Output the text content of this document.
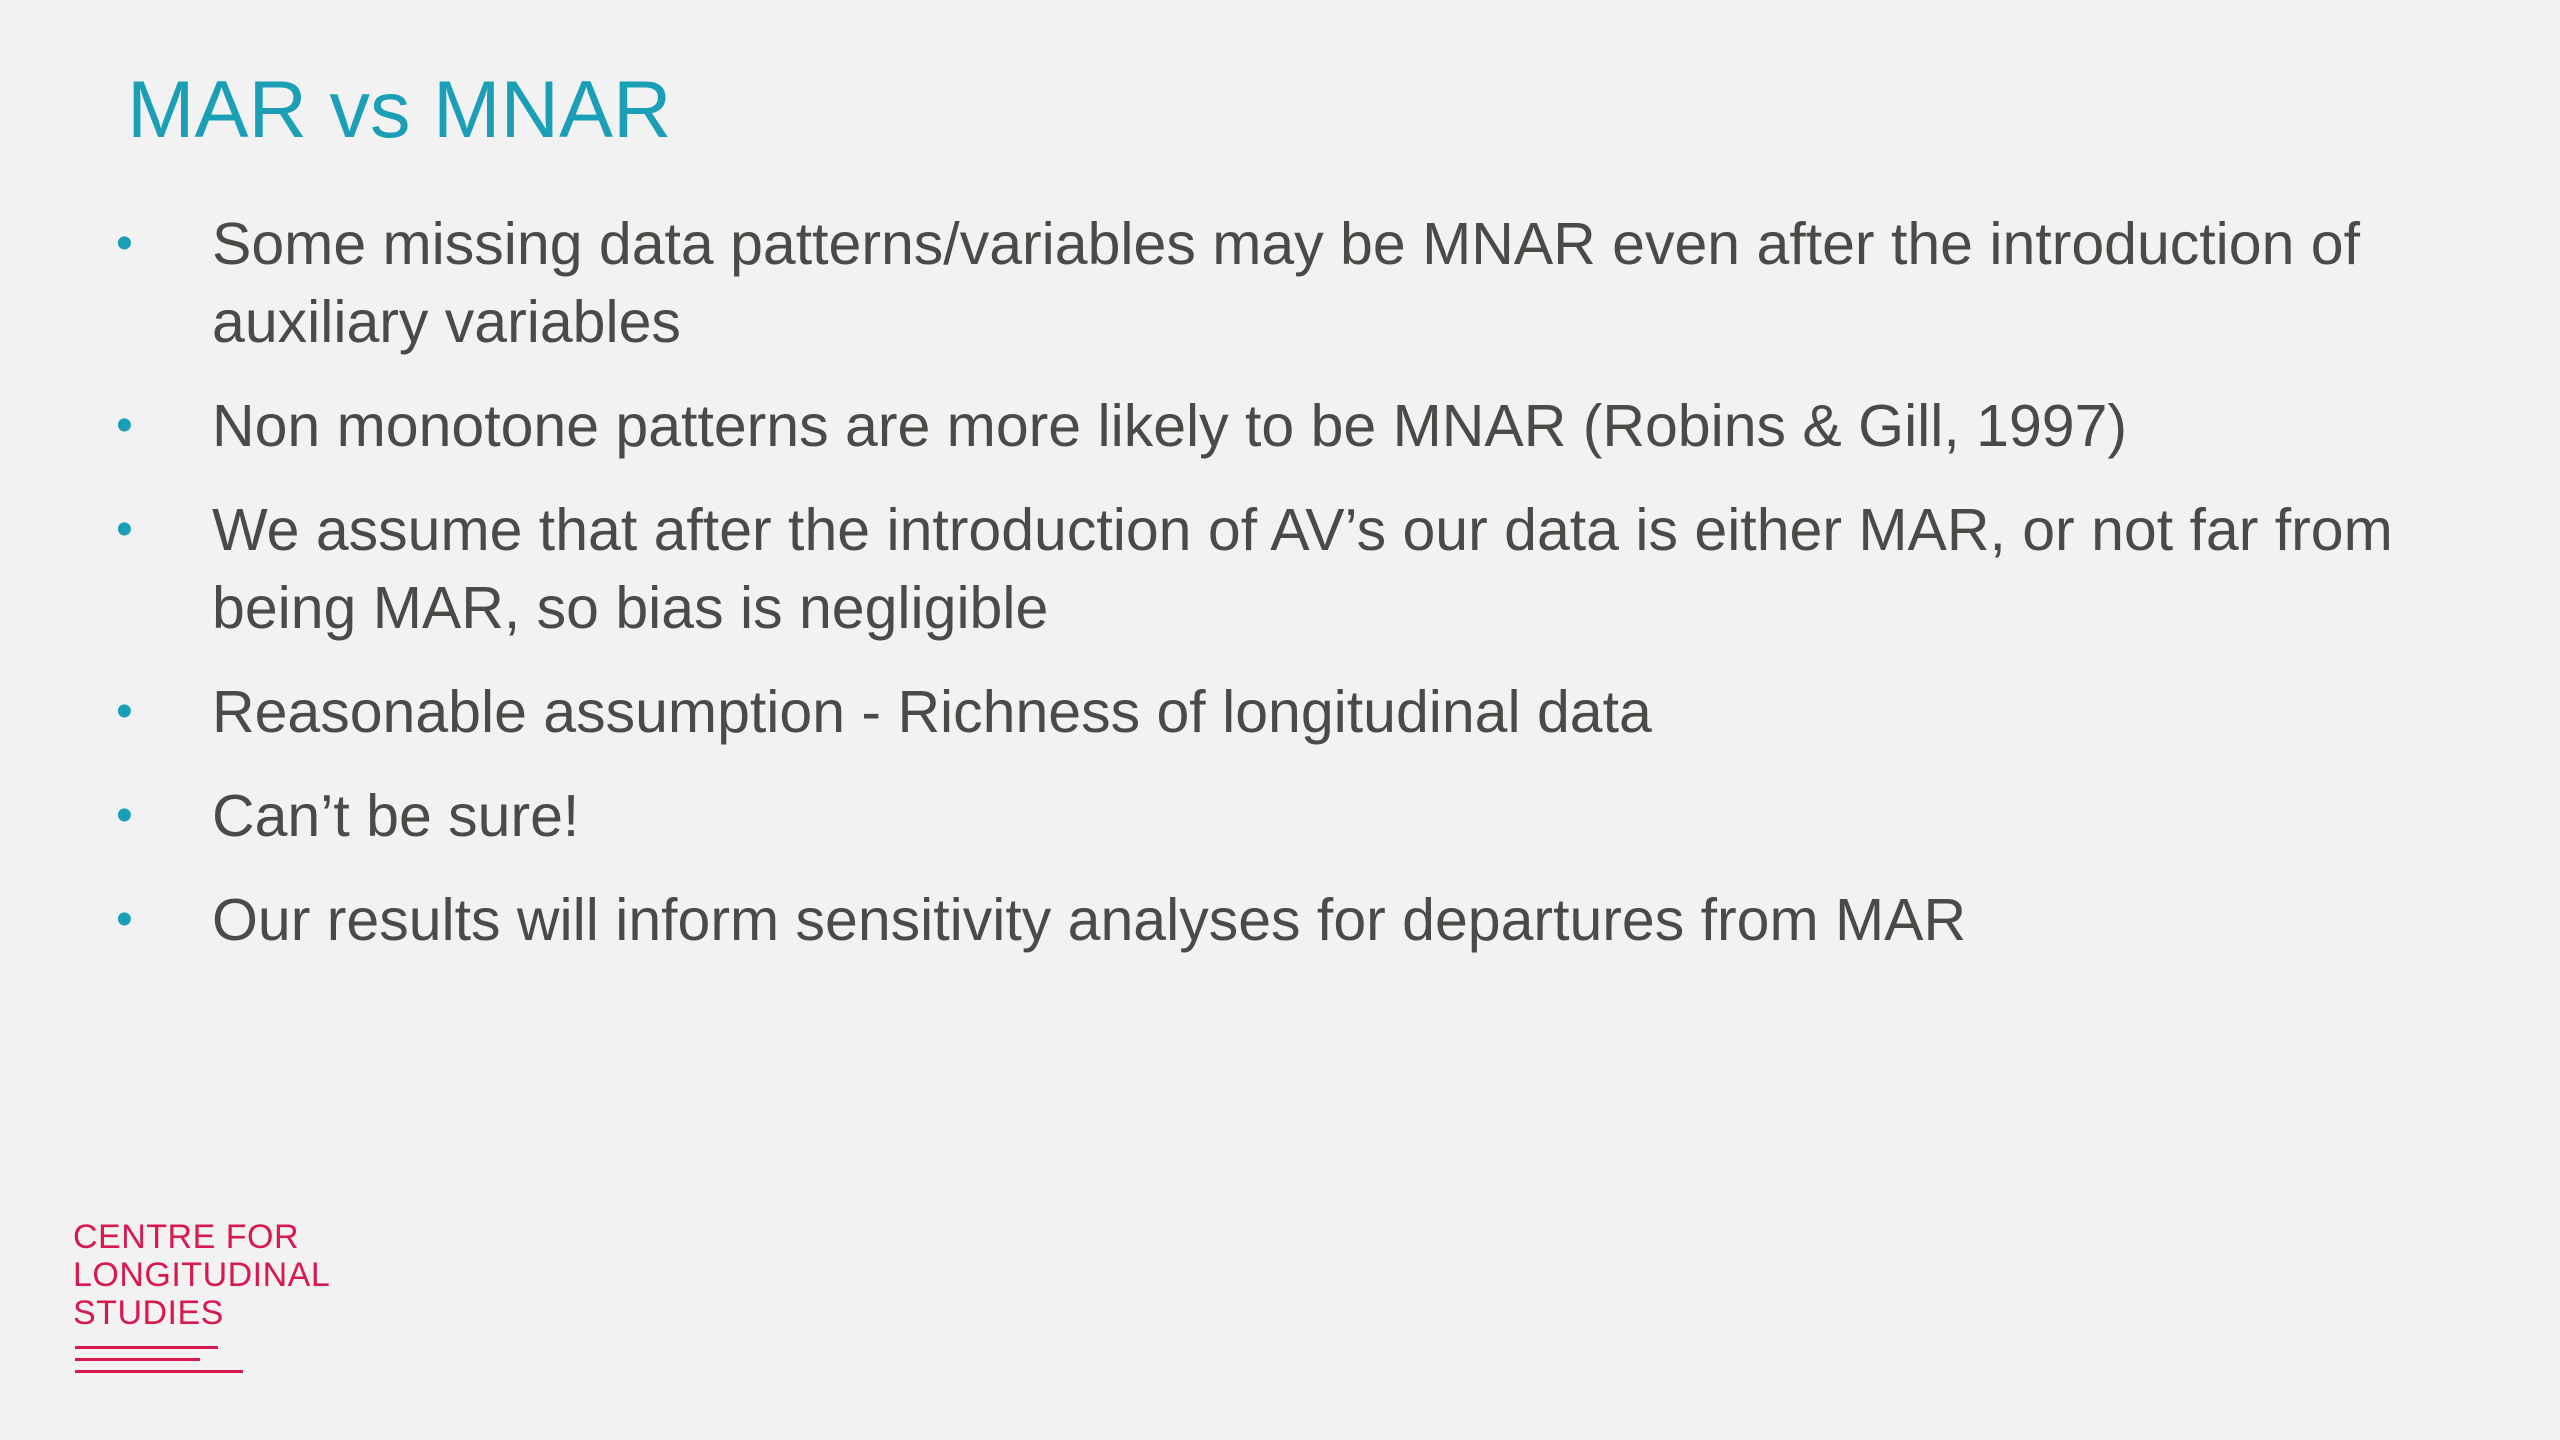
MAR vs MNAR
• Some missing data patterns/variables may be MNAR even after the introduction of auxiliary variables
• Non monotone patterns are more likely to be MNAR (Robins & Gill, 1997)
• We assume that after the introduction of AV’s our data is either MAR, or not far from being MAR, so bias is negligible
• Reasonable assumption - Richness of longitudinal data
• Can’t be sure!
• Our results will inform sensitivity analyses for departures from MAR
CENTRE FOR
LONGITUDINAL
STUDIES
